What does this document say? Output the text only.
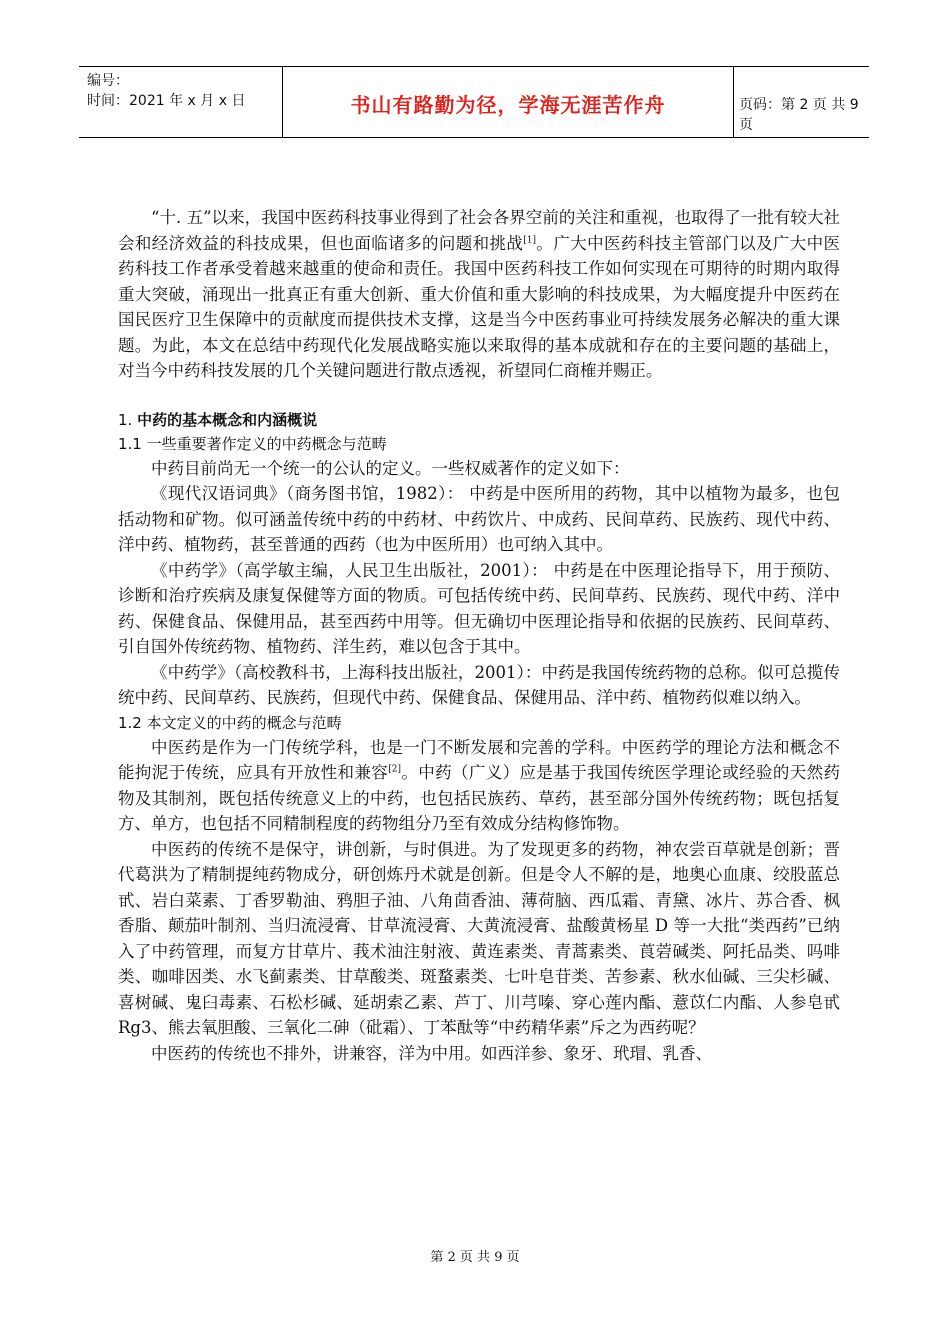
编号：
时间：2021 年 x 月 x 日	书山有路勤为径，学海无涯苦作舟	页码：第 2 页 共 9 页

“十. 五”以来，我国中医药科技事业得到了社会各界空前的关注和重视，也取得了一批有较大社会和经济效益的科技成果，但也面临诸多的问题和挑战[1]。广大中医药科技主管部门以及广大中医药科技工作者承受着越来越重的使命和责任。我国中医药科技工作如何实现在可期待的时期内取得重大突破，涌现出一批真正有重大创新、重大价值和重大影响的科技成果，为大幅度提升中医药在国民医疗卫生保障中的贡献度而提供技术支撑，这是当今中医药事业可持续发展务必解决的重大课题。为此，本文在总结中药现代化发展战略实施以来取得的基本成就和存在的主要问题的基础上，对当今中药科技发展的几个关键问题进行散点透视，祈望同仁商榷并赐正。

1. 中药的基本概念和内涵概说

1.1 一些重要著作定义的中药概念与范畴

中药目前尚无一个统一的公认的定义。一些权威著作的定义如下：

《现代汉语词典》（商务图书馆，1982）： 中药是中医所用的药物，其中以植物为最多，也包括动物和矿物。似可涵盖传统中药的中药材、中药饮片、中成药、民间草药、民族药、现代中药、洋中药、植物药，甚至普通的西药（也为中医所用）也可纳入其中。

《中药学》（高学敏主编，人民卫生出版社，2001）： 中药是在中医理论指导下，用于预防、诊断和治疗疾病及康复保健等方面的物质。可包括传统中药、民间草药、民族药、现代中药、洋中药、保健食品、保健用品，甚至西药中用等。但无确切中医理论指导和依据的民族药、民间草药、引自国外传统药物、植物药、洋生药，难以包含于其中。

《中药学》（高校教科书，上海科技出版社，2001）：中药是我国传统药物的总称。似可总揽传统中药、民间草药、民族药，但现代中药、保健食品、保健用品、洋中药、植物药似难以纳入。

1.2 本文定义的中药的概念与范畴

中医药是作为一门传统学科，也是一门不断发展和完善的学科。中医药学的理论方法和概念不能拘泥于传统，应具有开放性和兼容[2]。中药（广义）应是基于我国传统医学理论或经验的天然药物及其制剂，既包括传统意义上的中药，也包括民族药、草药，甚至部分国外传统药物；既包括复方、单方，也包括不同精制程度的药物组分乃至有效成分结构修饰物。

中医药的传统不是保守，讲创新，与时俱进。为了发现更多的药物，神农尝百草就是创新；晋代葛洪为了精制提纯药物成分，研创炼丹术就是创新。但是令人不解的是，地奥心血康、绞股蓝总甙、岩白菜素、丁香罗勒油、鸦胆子油、八角茴香油、薄荷脑、西瓜霜、青黛、冰片、苏合香、枫香脂、颠茄叶制剂、当归流浸膏、甘草流浸膏、大黄流浸膏、盐酸黄杨星 D 等一大批“类西药”已纳入了中药管理，而复方甘草片、莪术油注射液、黄连素类、青蒿素类、莨菪碱类、阿托品类、吗啡类、咖啡因类、水飞蓟素类、甘草酸类、斑蝥素类、七叶皂苷类、苦参素、秋水仙碱、三尖杉碱、喜树碱、鬼臼毒素、石松杉碱、延胡索乙素、芦丁、川芎嗪、穿心莲内酯、薏苡仁内酯、人参皂甙 Rg3、熊去氧胆酸、三氧化二砷（砒霜）、丁苯酞等“中药精华素”斥之为西药呢？

中医药的传统也不排外，讲兼容，洋为中用。如西洋参、象牙、玳瑁、乳香、

第 2 页 共 9 页
